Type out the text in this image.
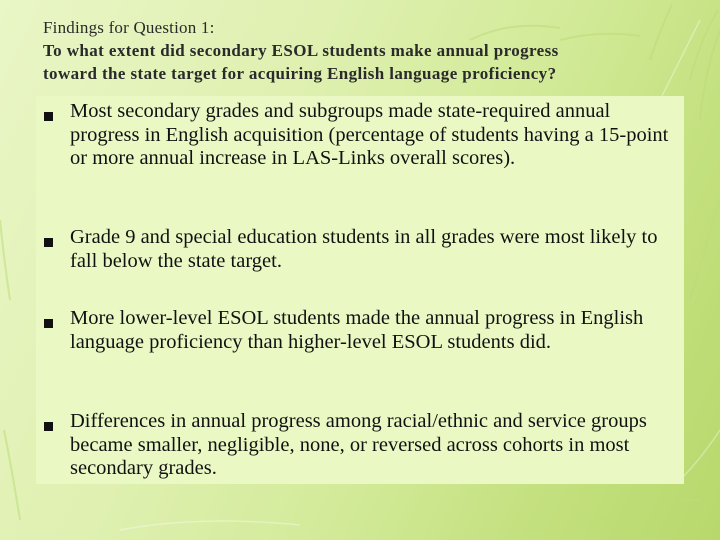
Findings for Question 1:
To what extent did secondary ESOL students make annual progress
toward the state target for acquiring English language proficiency?
Most secondary grades and subgroups made state-required annual progress in English acquisition (percentage of students having a 15-point or more annual increase in LAS-Links overall scores).
Grade 9 and special education students in all grades were most likely to fall below the state target.
More lower-level ESOL students made the annual progress in English language proficiency than higher-level ESOL students did.
Differences in annual progress among racial/ethnic and service groups became smaller, negligible, none, or reversed across cohorts in most secondary grades.
